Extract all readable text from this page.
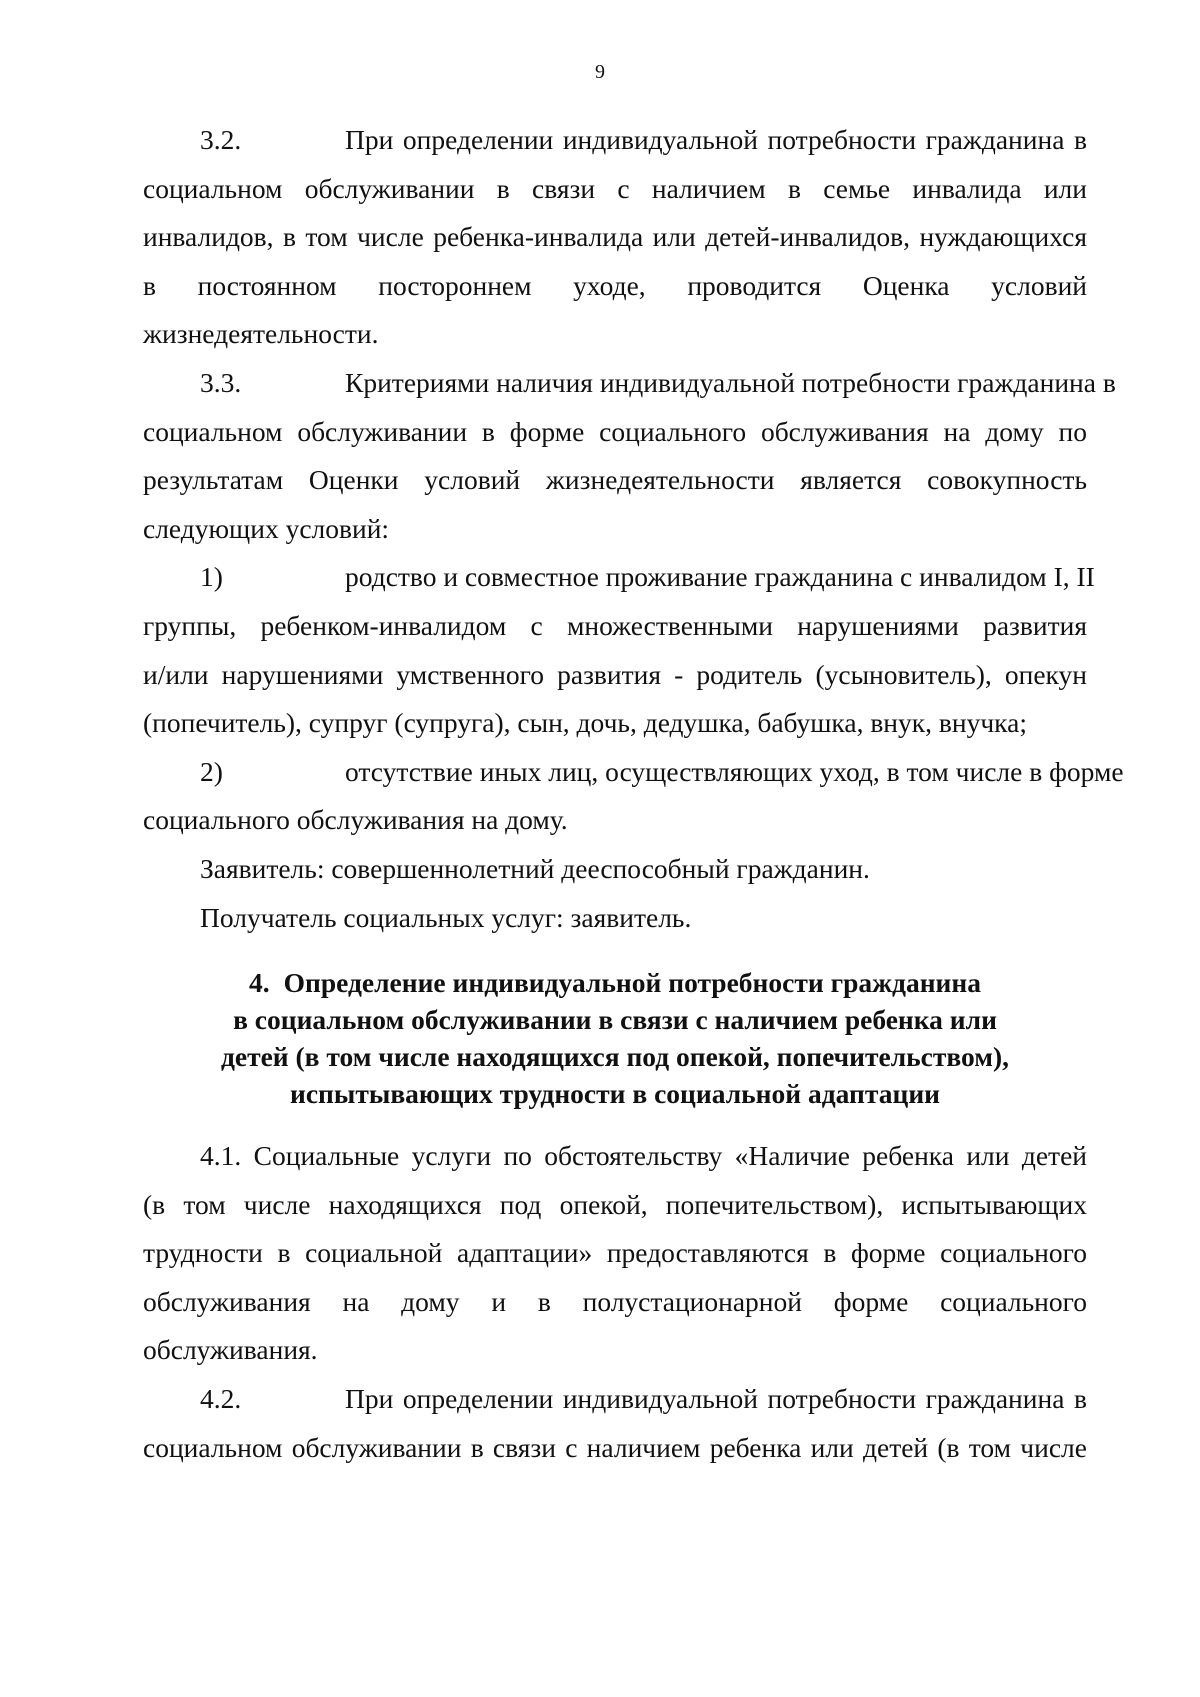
9
3.2.	При определении индивидуальной потребности гражданина в
социальном обслуживании в связи с наличием в семье инвалида или
инвалидов, в том числе ребенка-инвалида или детей-инвалидов, нуждающихся
в постоянном постороннем уходе, проводится Оценка условий
жизнедеятельности.
3.3.	Критериями наличия индивидуальной потребности гражданина в
социальном обслуживании в форме социального обслуживания на дому по
результатам Оценки условий жизнедеятельности является совокупность
следующих условий:
1)	родство и совместное проживание гражданина с инвалидом I, II
группы, ребенком-инвалидом с множественными нарушениями развития
и/или нарушениями умственного развития - родитель (усыновитель), опекун
(попечитель), супруг (супруга), сын, дочь, дедушка, бабушка, внук, внучка;
2)	отсутствие иных лиц, осуществляющих уход, в том числе в форме
социального обслуживания на дому.
Заявитель: совершеннолетний дееспособный гражданин.
Получатель социальных услуг: заявитель.
4. Определение индивидуальной потребности гражданина
в социальном обслуживании в связи с наличием ребенка или
детей (в том числе находящихся под опекой, попечительством),
испытывающих трудности в социальной адаптации
4.1. Социальные услуги по обстоятельству «Наличие ребенка или детей
(в том числе находящихся под опекой, попечительством), испытывающих
трудности в социальной адаптации» предоставляются в форме социального
обслуживания на дому и в полустационарной форме социального
обслуживания.
4.2.	При определении индивидуальной потребности гражданина в
социальном обслуживании в связи с наличием ребенка или детей (в том числе
